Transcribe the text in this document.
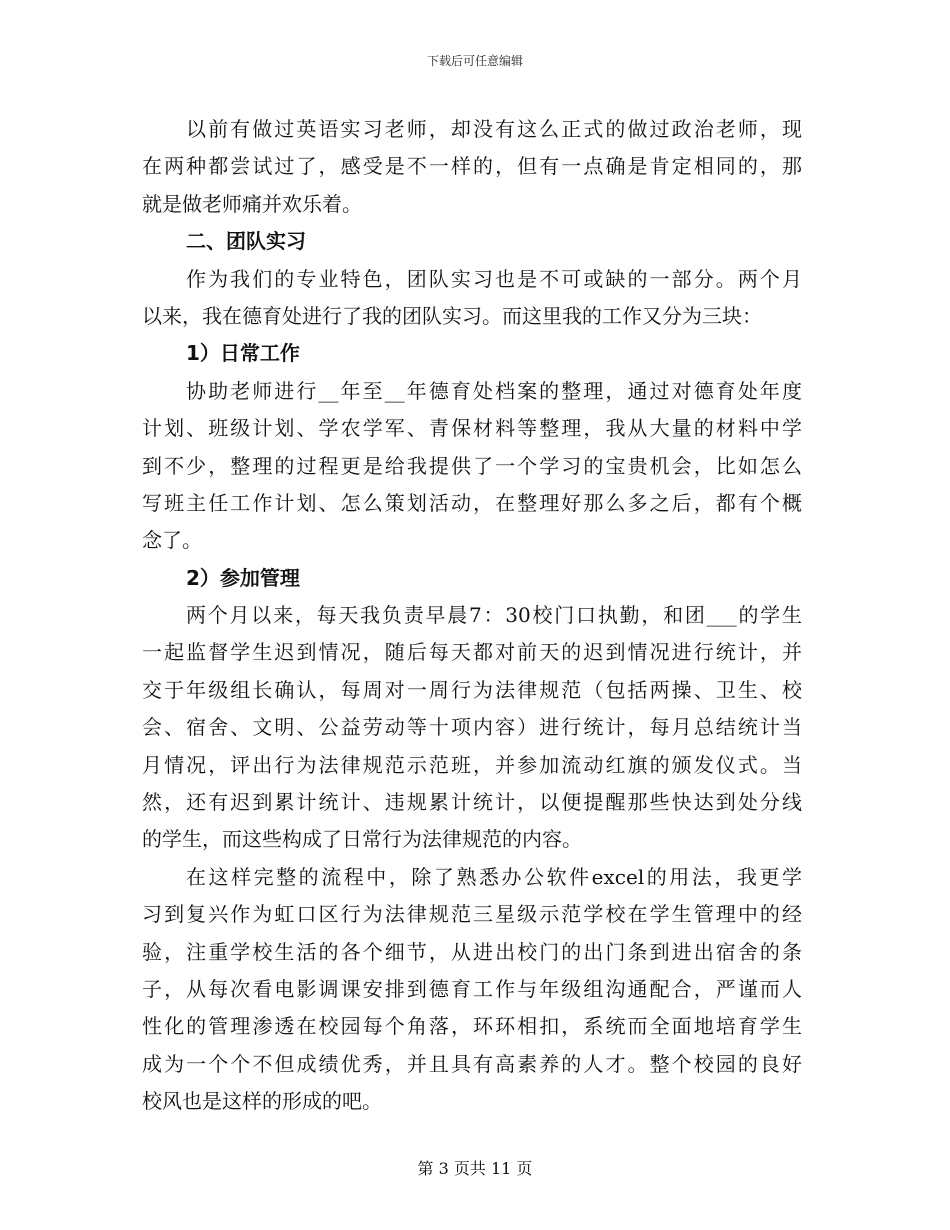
下载后可任意编辑
以前有做过英语实习老师，却没有这么正式的做过政治老师，现
在两种都尝试过了，感受是不一样的，但有一点确是肯定相同的，那
就是做老师痛并欢乐着。
二、团队实习
作为我们的专业特色，团队实习也是不可或缺的一部分。两个月
以来，我在德育处进行了我的团队实习。而这里我的工作又分为三块：
1）日常工作
协助老师进行__年至__年德育处档案的整理，通过对德育处年度
计划、班级计划、学农学军、青保材料等整理，我从大量的材料中学
到不少，整理的过程更是给我提供了一个学习的宝贵机会，比如怎么
写班主任工作计划、怎么策划活动，在整理好那么多之后，都有个概
念了。
2）参加管理
两个月以来，每天我负责早晨7：30校门口执勤，和团___的学生
一起监督学生迟到情况，随后每天都对前天的迟到情况进行统计，并
交于年级组长确认，每周对一周行为法律规范（包括两操、卫生、校
会、宿舍、文明、公益劳动等十项内容）进行统计，每月总结统计当
月情况，评出行为法律规范示范班，并参加流动红旗的颁发仪式。当
然，还有迟到累计统计、违规累计统计，以便提醒那些快达到处分线
的学生，而这些构成了日常行为法律规范的内容。
在这样完整的流程中，除了熟悉办公软件excel的用法，我更学
习到复兴作为虹口区行为法律规范三星级示范学校在学生管理中的经
验，注重学校生活的各个细节，从进出校门的出门条到进出宿舍的条
子，从每次看电影调课安排到德育工作与年级组沟通配合，严谨而人
性化的管理渗透在校园每个角落，环环相扣，系统而全面地培育学生
成为一个个不但成绩优秀，并且具有高素养的人才。整个校园的良好
校风也是这样的形成的吧。
第 3 页共 11 页
